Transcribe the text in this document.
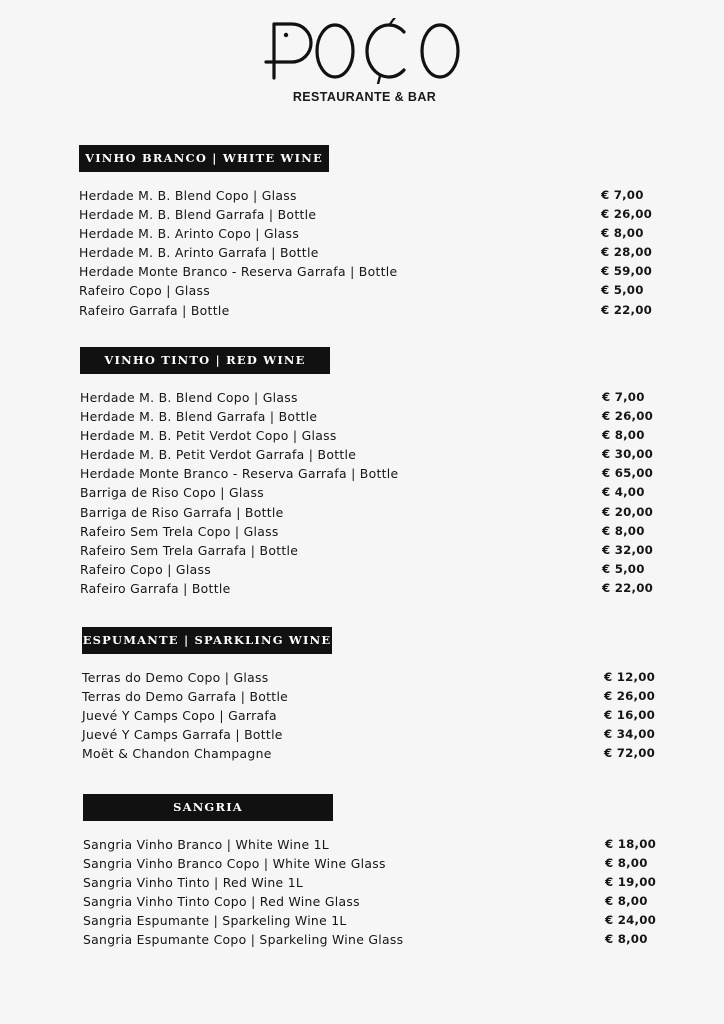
RESTAURANTE & BAR
VINHO BRANCO | WHITE WINE
Herdade M. B. Blend Copo | Glass	€ 7,00
Herdade M. B. Blend Garrafa | Bottle	€ 26,00
Herdade M. B. Arinto Copo | Glass	€ 8,00
Herdade M. B. Arinto Garrafa | Bottle	€ 28,00
Herdade Monte Branco - Reserva Garrafa | Bottle	€ 59,00
Rafeiro Copo | Glass	€ 5,00
Rafeiro Garrafa | Bottle	€ 22,00
VINHO TINTO | RED WINE
Herdade M. B. Blend Copo | Glass	€ 7,00
Herdade M. B. Blend Garrafa | Bottle	€ 26,00
Herdade M. B. Petit Verdot Copo | Glass	€ 8,00
Herdade M. B. Petit Verdot Garrafa | Bottle	€ 30,00
Herdade Monte Branco - Reserva Garrafa | Bottle	€ 65,00
Barriga de Riso Copo | Glass	€ 4,00
Barriga de Riso Garrafa | Bottle	€ 20,00
Rafeiro Sem Trela Copo | Glass	€ 8,00
Rafeiro Sem Trela Garrafa | Bottle	€ 32,00
Rafeiro Copo | Glass	€ 5,00
Rafeiro Garrafa | Bottle	€ 22,00
ESPUMANTE | SPARKLING WINE
Terras do Demo Copo | Glass	€ 12,00
Terras do Demo Garrafa | Bottle	€ 26,00
Juevé Y Camps Copo | Garrafa	€ 16,00
Juevé Y Camps Garrafa | Bottle	€ 34,00
Moët & Chandon Champagne	€ 72,00
SANGRIA
Sangria Vinho Branco | White Wine 1L	€ 18,00
Sangria Vinho Branco Copo | White Wine Glass	€ 8,00
Sangria Vinho Tinto | Red Wine 1L	€ 19,00
Sangria Vinho Tinto Copo | Red Wine Glass	€ 8,00
Sangria Espumante | Sparkeling Wine 1L	€ 24,00
Sangria Espumante Copo | Sparkeling Wine Glass	€ 8,00
